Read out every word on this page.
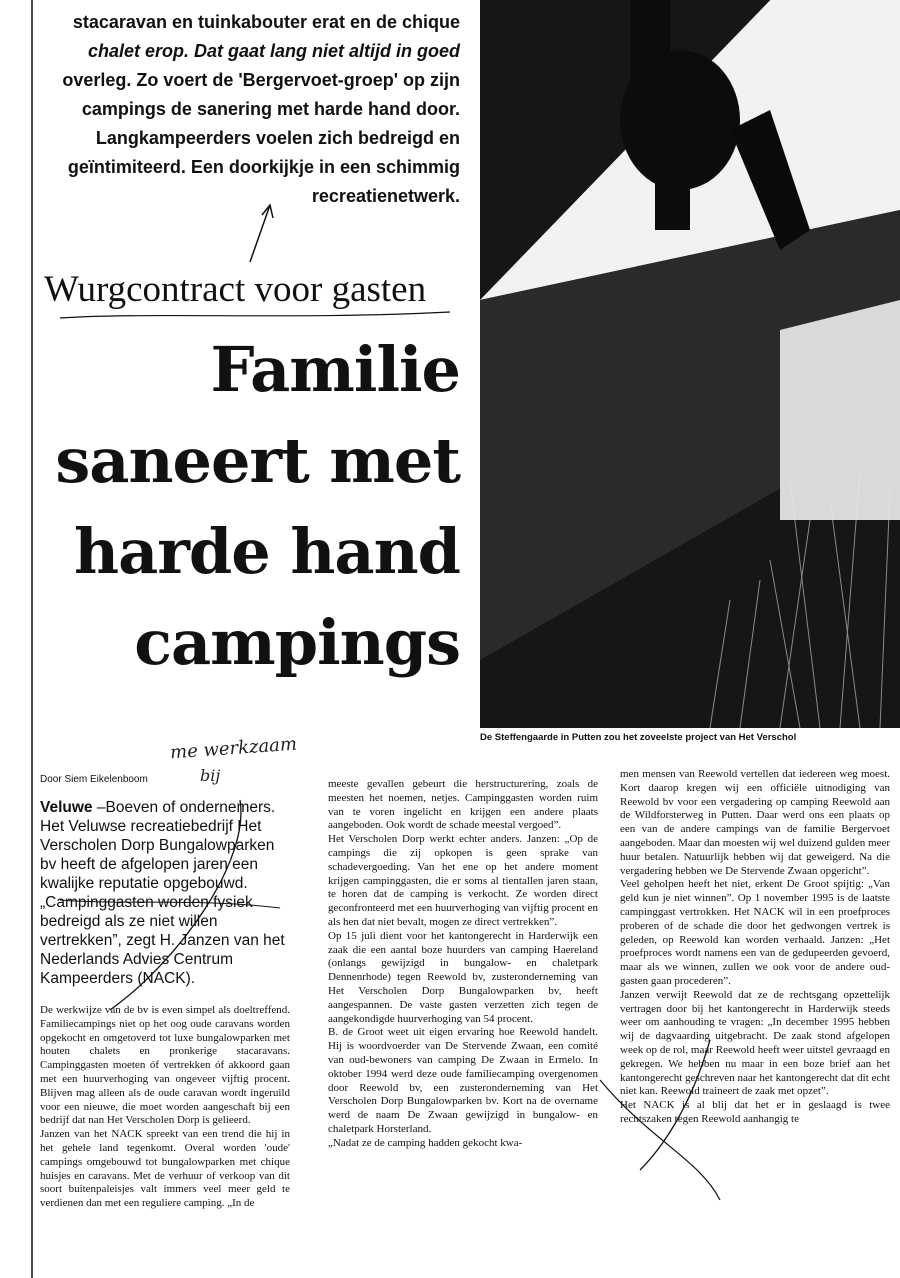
stacaravan en tuinkabouter erat en de chique
chalet erop. Dat gaat lang niet altijd in goed
overleg. Zo voert de 'Bergervoet-groep' op zijn
campings de sanering met harde hand door.
Langkampeerders voelen zich bedreigd en
geïntimiteerd. Een doorkijkje in een schimmig
recreatienetwerk.
Wurgcontract voor gasten
Familie
saneert met
harde hand
campings
De Steffengaarde in Putten zou het zoveelste project van Het Verschol
me werkzaam
bij
Door Siem Eikelenboom
Veluwe –Boeven of ondernemers. Het Veluwse recreatiebedrijf Het Verscholen Dorp Bungalowparken bv heeft de afgelopen jaren een kwalijke reputatie opgebouwd. „Campinggasten worden fysiek bedreigd als ze niet willen vertrekken”, zegt H. Janzen van het Nederlands Advies Centrum Kampeerders (NACK).

De werkwijze van de bv is even simpel als doeltreffend. Familiecampings niet op het oog oude caravans worden opgekocht en omgetoverd tot luxe bungalowparken met houten chalets en pronkerige stacaravans. Campinggasten moeten óf vertrekken óf akkoord gaan met een huurverhoging van ongeveer vijftig procent. Blijven mag alleen als de oude caravan wordt ingeruild voor een nieuwe, die moet worden aangeschaft bij een bedrijf dat nan Het Verscholen Dorp is gelieerd.

Janzen van het NACK spreekt van een trend die hij in het gehele land tegenkomt. Overal worden 'oude' campings omgebouwd tot bungalowparken met chique huisjes en caravans. Met de verhuur of verkoop van dit soort buitenpaleisjes valt immers veel meer geld te verdienen dan met een reguliere camping. „In de

meeste gevallen gebeurt die herstructurering, zoals de meesten het noemen, netjes. Campinggasten worden ruim van te voren ingelicht en krijgen een andere plaats aangeboden. Ook wordt de schade meestal vergoed”.

Het Verscholen Dorp werkt echter anders. Janzen: „Op de campings die zij opkopen is geen sprake van schadevergoeding. Van het ene op het andere moment krijgen campinggasten, die er soms al tientallen jaren staan, te horen dat de camping is verkocht. Ze worden direct geconfronteerd met een huurverhoging van vijftig procent en als hen dat niet bevalt, mogen ze direct vertrekken”.

Op 15 juli dient voor het kantongerecht in Harderwijk een zaak die een aantal boze huurders van camping Haereland (onlangs gewijzigd in bungalow- en chaletpark Dennenrhode) tegen Reewold bv, zusteronderneming van Het Verscholen Dorp Bungalowparken bv, heeft aangespannen. De vaste gasten verzetten zich tegen de aangekondigde huurverhoging van 54 procent.

B. de Groot weet uit eigen ervaring hoe Reewold handelt. Hij is woordvoerder van De Stervende Zwaan, een comité van oud-bewoners van camping De Zwaan in Ermelo. In oktober 1994 werd deze oude familiecamping overgenomen door Reewold bv, een zusteronderneming van Het Verscholen Dorp Bungalowparken bv. Kort na de overname werd de naam De Zwaan gewijzigd in bungalow- en chaletpark Horsterland.

„Nadat ze de camping hadden gekocht kwa-

men mensen van Reewold vertellen dat iedereen weg moest. Kort daarop kregen wij een officiële uitnodiging van Reewold bv voor een vergadering op camping Reewold aan de Wildforsterweg in Putten. Daar werd ons een plaats op een van de andere campings van de familie Bergervoet aangeboden. Maar dan moesten wij wel duizend gulden meer huur betalen. Natuurlijk hebben wij dat geweigerd. Na die vergadering hebben we De Stervende Zwaan opgericht”.

Veel geholpen heeft het niet, erkent De Groot spijtig: „Van geld kun je niet winnen”. Op 1 november 1995 is de laatste campinggast vertrokken. Het NACK wil in een proefproces proberen of de schade die door het gedwongen vertrek is geleden, op Reewold kan worden verhaald. Janzen: „Het proefproces wordt namens een van de gedupeerden gevoerd, maar als we winnen, zullen we ook voor de andere oud-gasten gaan procederen”.

Janzen verwijt Reewold dat ze de rechtsgang opzettelijk vertragen door bij het kantongerecht in Harderwijk steeds weer om aanhouding te vragen: „In december 1995 hebben wij de dagvaarding uitgebracht. De zaak stond afgelopen week op de rol, maar Reewold heeft weer uitstel gevraagd en gekregen. We hebben nu maar in een boze brief aan het kantongerecht geschreven naar het kantongerecht dat dit echt niet kan. Reewold traineert de zaak met opzet”.

Het NACK is al blij dat het er in geslaagd is twee rechtszaken tegen Reewold aanhangig te
